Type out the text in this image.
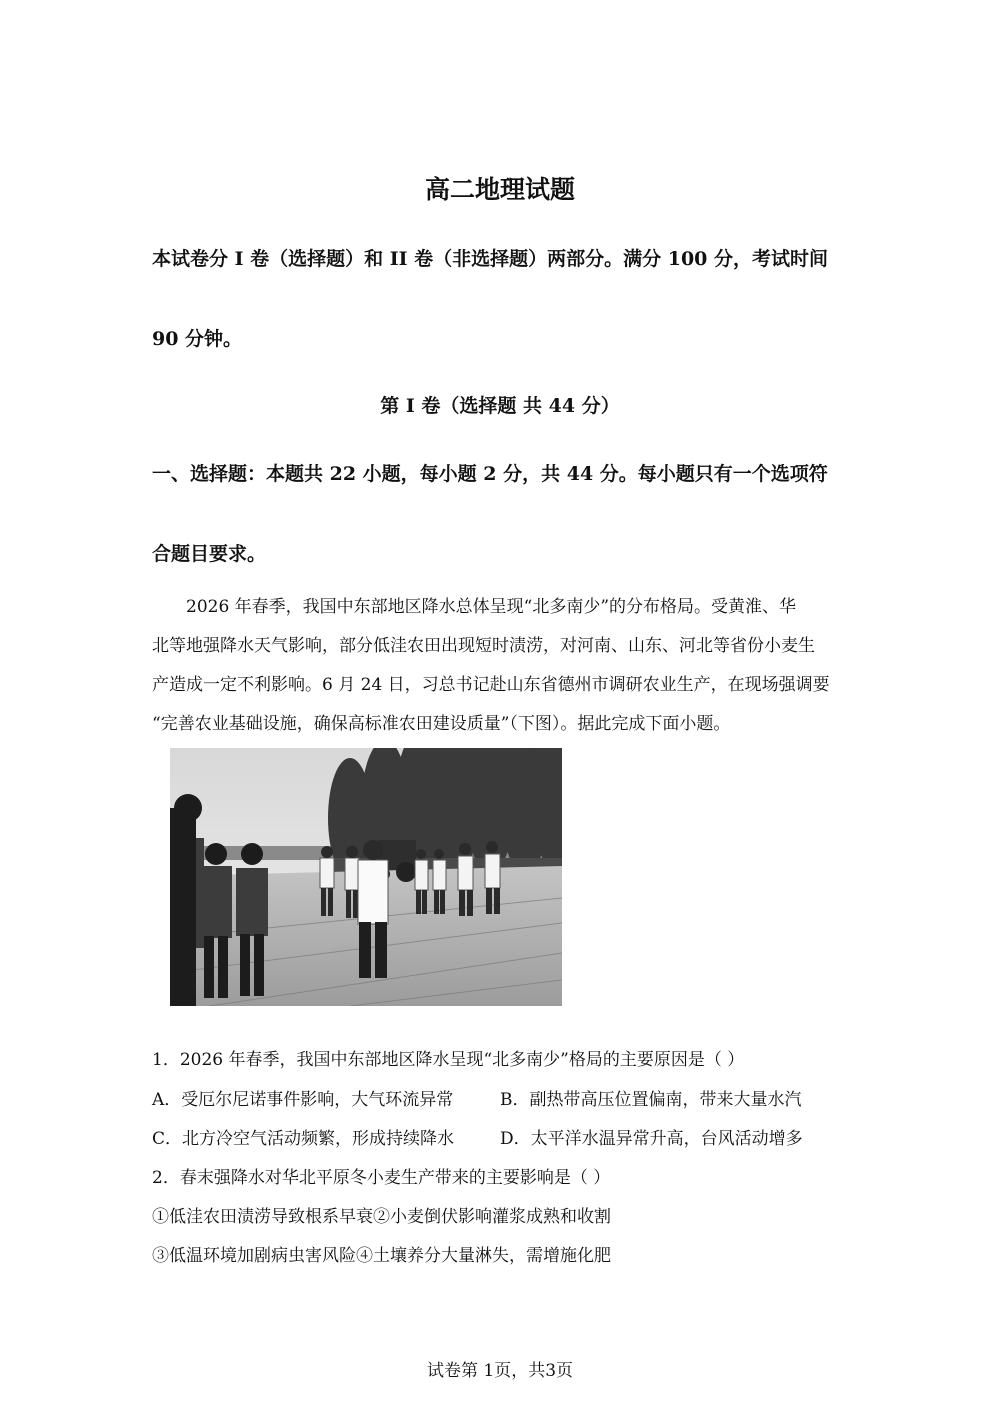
高二地理试题
本试卷分 I 卷（选择题）和 II 卷（非选择题）两部分。满分 100 分，考试时间
90 分钟。
第 I 卷（选择题 共 44 分）
一、选择题：本题共 22 小题，每小题 2 分，共 44 分。每小题只有一个选项符
合题目要求。
2026 年春季，我国中东部地区降水总体呈现“北多南少”的分布格局。受黄淮、华
北等地强降水天气影响，部分低洼农田出现短时渍涝，对河南、山东、河北等省份小麦生
产造成一定不利影响。6 月 24 日，习总书记赴山东省德州市调研农业生产，在现场强调要
“完善农业基础设施，确保高标准农田建设质量”（下图）。据此完成下面小题。
1．2026 年春季，我国中东部地区降水呈现“北多南少”格局的主要原因是（ ）
A．受厄尔尼诺事件影响，大气环流异常	B．副热带高压位置偏南，带来大量水汽
C．北方冷空气活动频繁，形成持续降水	D．太平洋水温异常升高，台风活动增多
2．春末强降水对华北平原冬小麦生产带来的主要影响是（ ）
①低洼农田渍涝导致根系早衰②小麦倒伏影响灌浆成熟和收割
③低温环境加剧病虫害风险④土壤养分大量淋失，需增施化肥
试卷第 1页，共3页
